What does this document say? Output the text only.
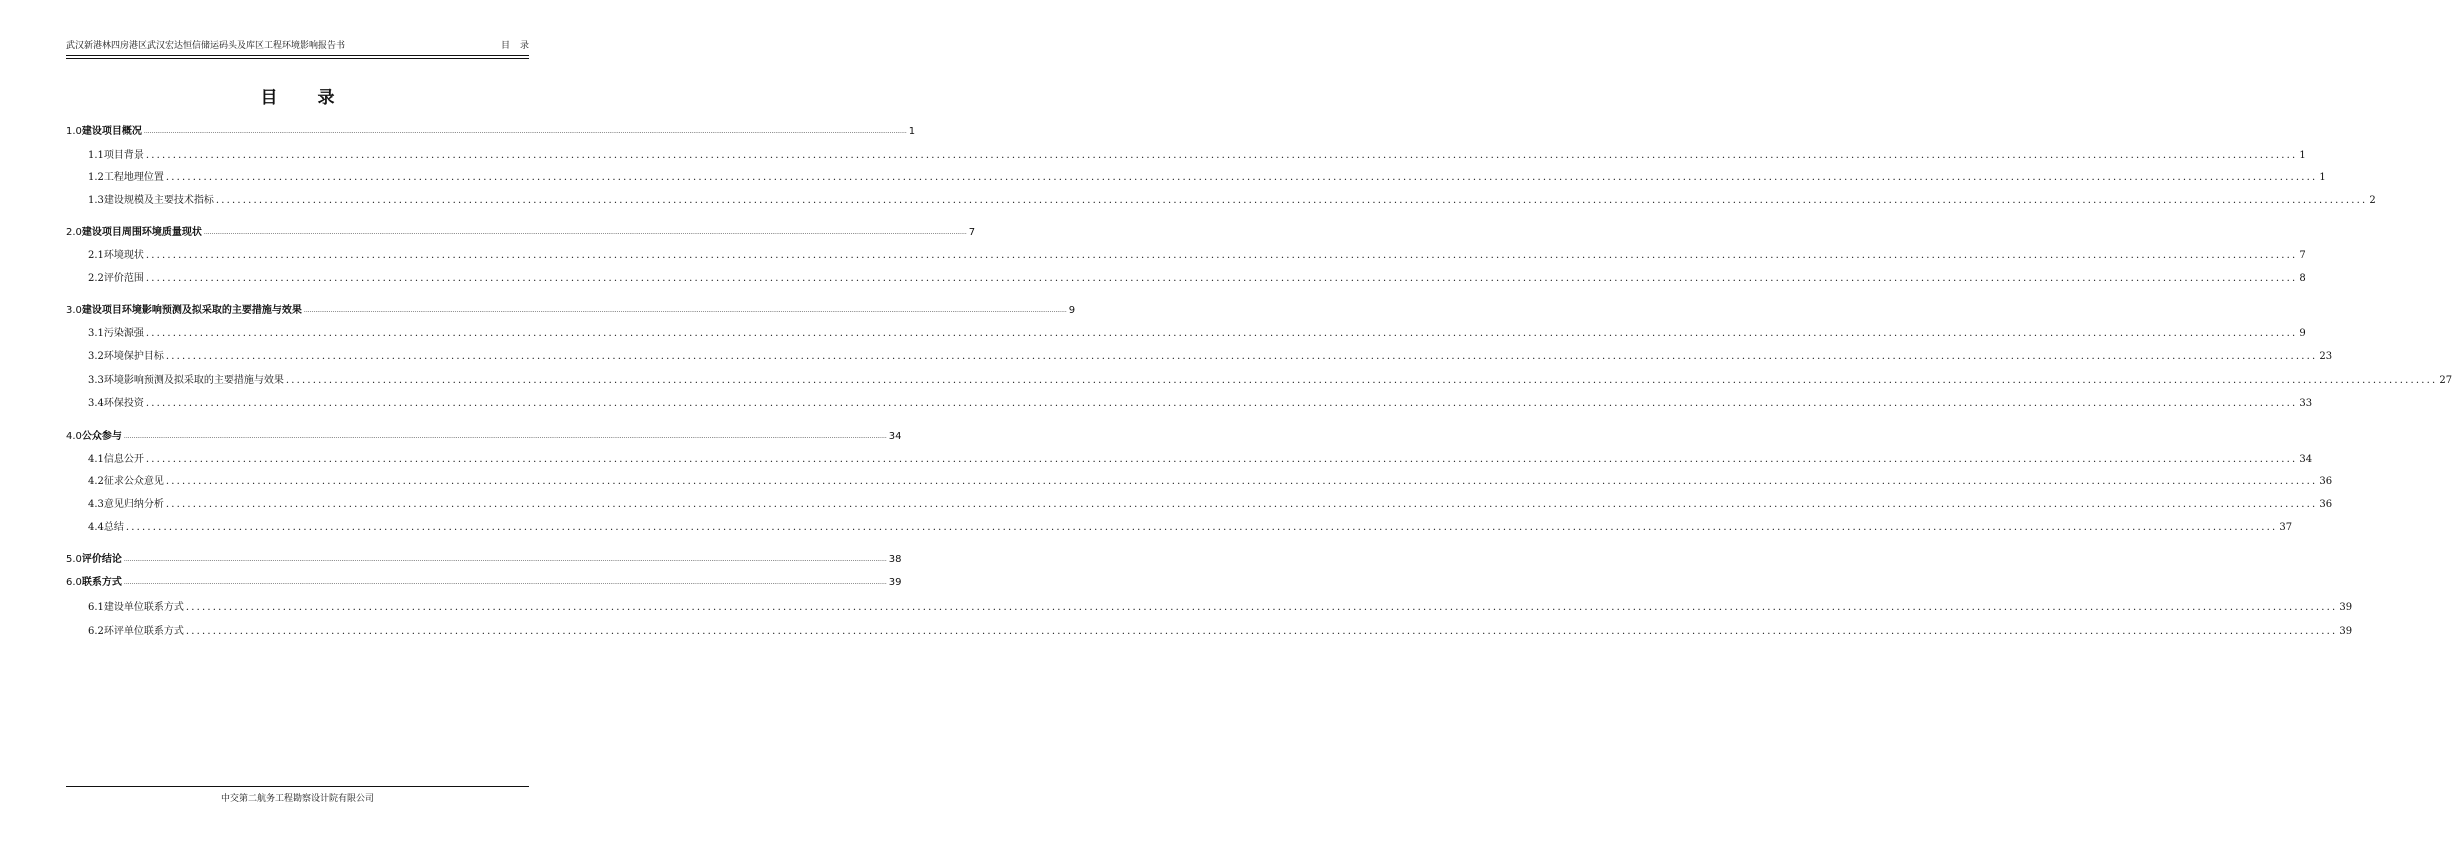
武汉新港林四房港区武汉宏达恒信储运码头及库区工程环境影响报告书	目录
目录
1.0 建设项目概况 ................................................................................................................................................................................................................................................................................................................................................................................................................ 1
1.1 项目背景 ................................................................................................................................................................................................................................................................................................................................................................................................................ 1
1.2 工程地理位置 ................................................................................................................................................................................................................................................................................................................................................................................................................ 1
1.3 建设规模及主要技术指标 ................................................................................................................................................................................................................................................................................................................................................................................................................ 2
2.0 建设项目周围环境质量现状 ................................................................................................................................................................................................................................................................................................................................................................................................................ 7
2.1 环境现状 ................................................................................................................................................................................................................................................................................................................................................................................................................ 7
2.2 评价范围 ................................................................................................................................................................................................................................................................................................................................................................................................................ 8
3.0 建设项目环境影响预测及拟采取的主要措施与效果 ................................................................................................................................................................................................................................................................................................................................................................................................................ 9
3.1 污染源强 ................................................................................................................................................................................................................................................................................................................................................................................................................ 9
3.2 环境保护目标 ................................................................................................................................................................................................................................................................................................................................................................................................................ 23
3.3 环境影响预测及拟采取的主要措施与效果 ................................................................................................................................................................................................................................................................................................................................................................................................................ 27
3.4 环保投资 ................................................................................................................................................................................................................................................................................................................................................................................................................ 33
4.0 公众参与 ................................................................................................................................................................................................................................................................................................................................................................................................................ 34
4.1 信息公开 ................................................................................................................................................................................................................................................................................................................................................................................................................ 34
4.2 征求公众意见 ................................................................................................................................................................................................................................................................................................................................................................................................................ 36
4.3 意见归纳分析 ................................................................................................................................................................................................................................................................................................................................................................................................................ 36
4.4 总结 ................................................................................................................................................................................................................................................................................................................................................................................................................ 37
5.0 评价结论 ................................................................................................................................................................................................................................................................................................................................................................................................................ 38
6.0 联系方式 ................................................................................................................................................................................................................................................................................................................................................................................................................ 39
6.1 建设单位联系方式 ................................................................................................................................................................................................................................................................................................................................................................................................................ 39
6.2 环评单位联系方式 ................................................................................................................................................................................................................................................................................................................................................................................................................ 39
中交第二航务工程勘察设计院有限公司
